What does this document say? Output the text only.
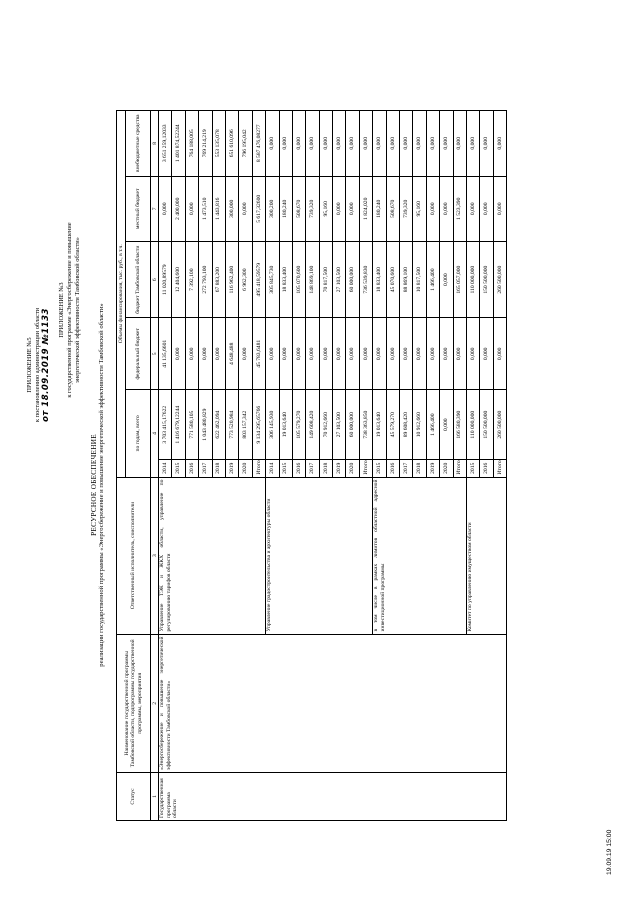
ПРИЛОЖЕНИЕ №5 к постановлению администрации области от 18.09.2019 №1133 ПРИЛОЖЕНИЕ №3 к государственной программе «Энергосбережение и повышение энергетической эффективности Тамбовской области»
РЕСУРСНОЕ ОБЕСПЕЧЕНИЕ реализации государственной программы «Энергосбережение и повышение энергетической эффективности Тамбовской области»
Статус	Наименование государственной программы Тамбовской области, подпрограммы государственной программы, мероприятия	Ответственный исполнитель, соисполнители	Объемы финансирования, тыс. руб., в т.ч.					
			по годам, всего		федеральный бюджет	бюджет Тамбовской области	местный бюджет	внебюджетные средства
1	2	3	4		5	6	7	8
Государственная программа области	«Энергосбережение и повышение энергетической эффективности Тамбовской области»	Управление ТЭК и ЖКХ области, управление по регулированию тарифов области	2014	3 703 415,17622	41 135,6601	11 020,89579	0,000	3 651 259,12033
			2015	1 416 679,12244	0,000	12 404,600	2 400,000	1 401 874,52244
			2016	771 580,105	0,000	7 392,100	0,000	764 188,005
			2017	1 043 480,829	0,000	272 793,100	1 473,510	769 214,219
			2018	622 462,094	0,000	67 883,200	1 443,816	553 135,078
			2019	773 520,984	4 648,488	116 962,400	300,000	651 610,096
			2020	803 157,342	0,000	6 962,300	0,000	796 195,042
			Итого	9 134 295,65766	45 783,6481	495 418,59579	5 617,32600	8 587 476,08277
		Управление градостроительства и архитектуры области	2014	306 145,930	0,000	305 845,730	300,200	0,000
			2015	19 013,640	0,000	18 833,400	180,240	0,000
			2016	105 579,270	0,000	105 070,600	508,670	0,000
			2017	149 608,420	0,000	148 869,100	739,320	0,000
			2018	70 912,660	0,000	70 817,500	95,160	0,000
			2019	27 103,500	0,000	27 103,500	0,000	0,000
			2020	60 000,000	0,000	60 000,000	0,000	0,000
			Итого	738 363,850	0,000	736 539,830	1 824,020	0,000
		в том числе в рамках лимитов областной адресной инвестиционной программы	2015	19 013,640	0,000	18 833,400	180,240	0,000
			2016	45 579,270	0,000	45 070,600	508,670	0,000
			2017	89 608,420	0,000	88 869,100	739,320	0,000
			2018	10 912,660	0,000	10 817,500	95,160	0,000
			2019	1 466,400	0,000	1 466,400	0,000	0,000
			2020	0,000	0,000	0,000	0,000	0,000
			Итого	166 580,390	0,000	165 057,000	1 523,390	0,000
		Комитет по управлению имуществом области	2015	110 000,000	0,000	110 000,000	0,000	0,000
			2016	150 500,000	0,000	150 500,000	0,000	0,000
			Итого	260 500,000	0,000	260 500,000	0,000	0,000
19.09.19 15:00
